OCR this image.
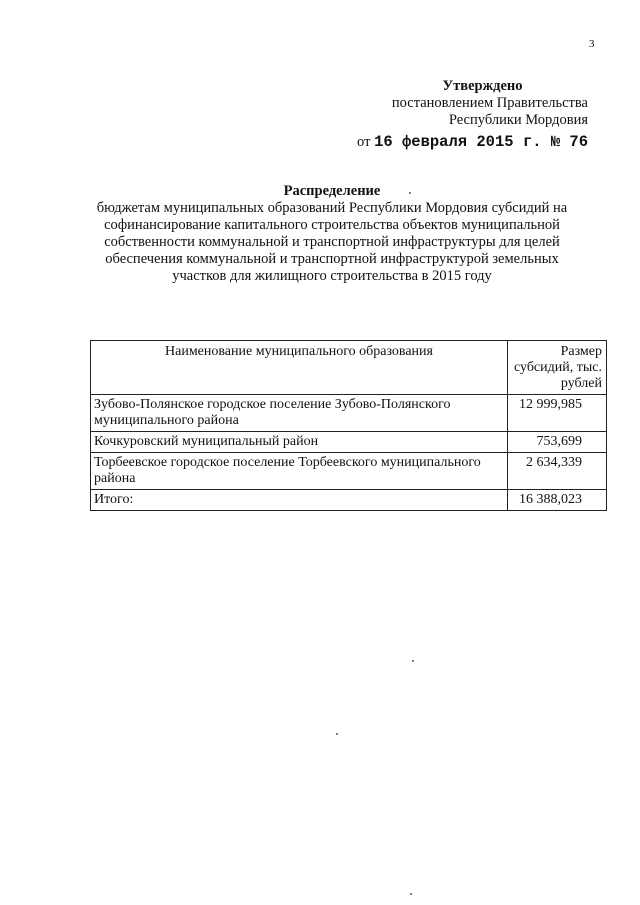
3
Утверждено
постановлением Правительства
Республики Мордовия
от 16 февраля 2015 г. № 76
Распределение
бюджетам муниципальных образований Республики Мордовия субсидий на софинансирование капитального строительства объектов муниципальной собственности коммунальной и транспортной инфраструктуры для целей обеспечения коммунальной и транспортной инфраструктурой земельных участков для жилищного строительства в 2015 году
Наименование муниципального образования	Размер субсидий, тыс. рублей
Зубово-Полянское городское поселение Зубово-Полянского муниципального района	12 999,985
Кочкуровский муниципальный район	753,699
Торбеевское городское поселение Торбеевского муниципального района	2 634,339
Итого:	16 388,023
